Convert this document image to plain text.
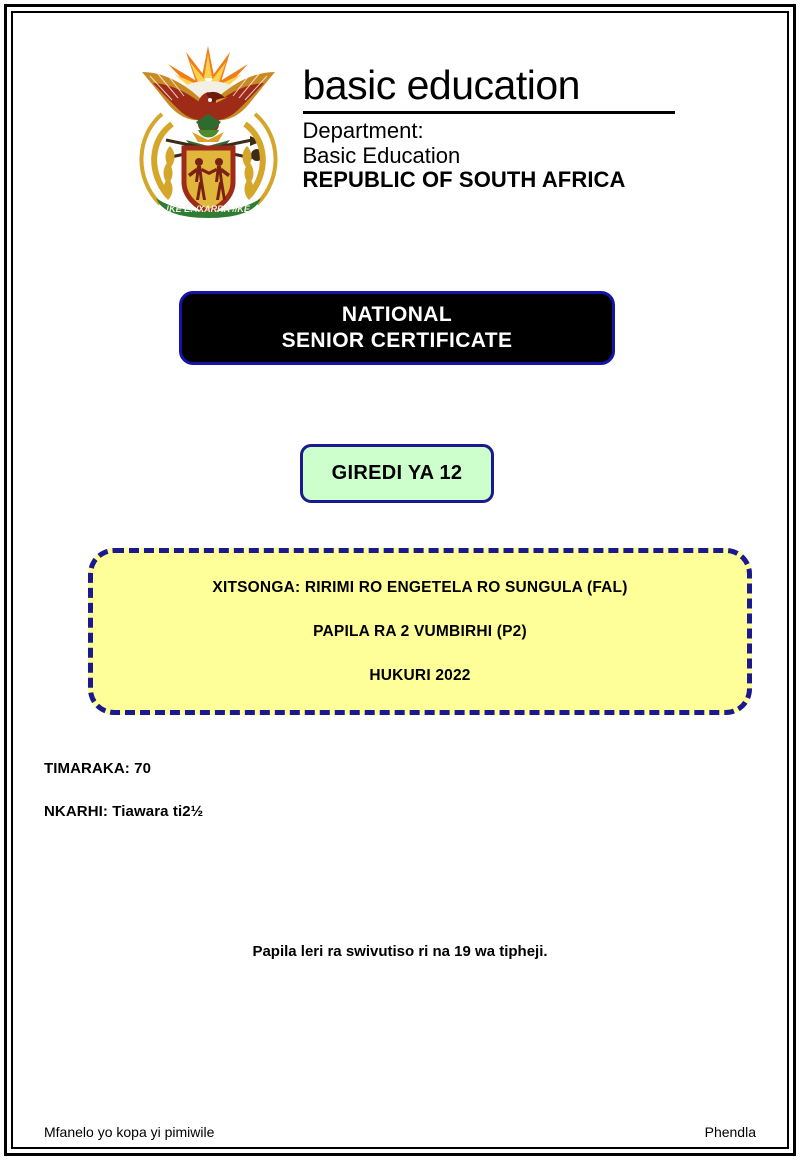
!KE E: /XARRA //KE
basic education
Department:
Basic Education
REPUBLIC OF SOUTH AFRICA
NATIONAL
SENIOR CERTIFICATE
GIREDI YA 12
XITSONGA: RIRIMI RO ENGETELA RO SUNGULA (FAL)
PAPILA RA 2 VUMBIRHI (P2)
HUKURI 2022
TIMARAKA: 70
NKARHI: Tiawara ti2½
Papila leri ra swivutiso ri na 19 wa tipheji.
Mfanelo yo kopa yi pimiwile	Phendla
